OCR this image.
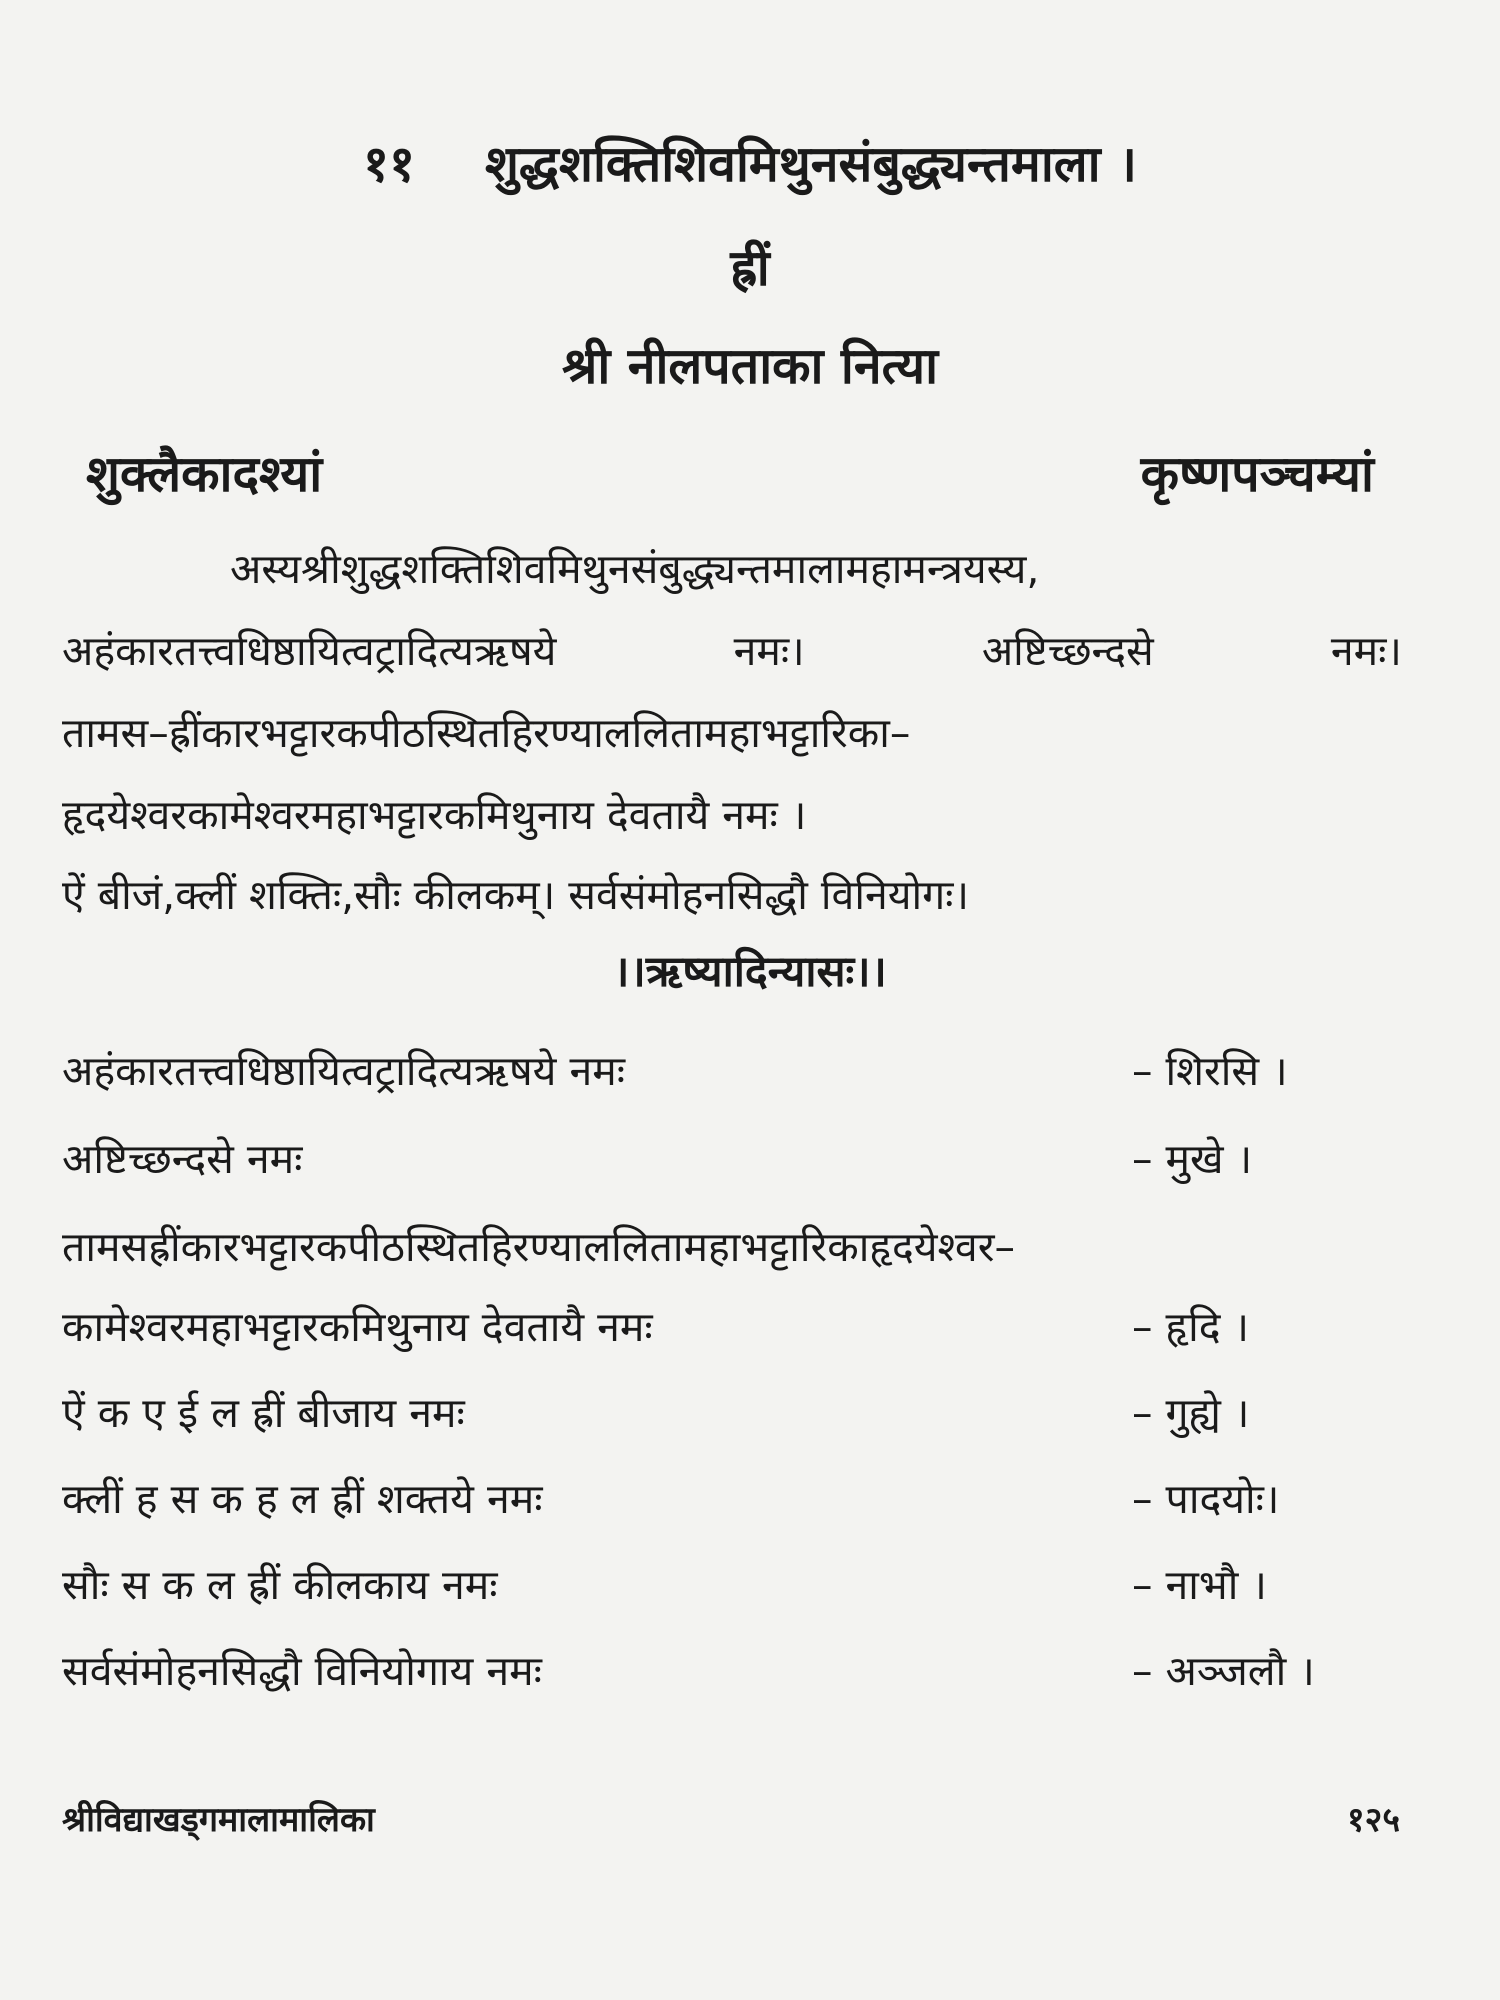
११ शुद्धशक्तिशिवमिथुनसंबुद्ध्यन्तमाला ।
ह्रीं
श्री नीलपताका नित्या
शुक्लैकादश्यां	कृष्णपञ्चम्यां
अस्यश्रीशुद्धशक्तिशिवमिथुनसंबुद्ध्यन्तमालामहामन्त्रयस्य,
अहंकारतत्त्वधिष्ठायित्वट्रादित्यऋषये	नमः।	अष्टिच्छन्दसे	नमः।
तामस–ह्रींकारभट्टारकपीठस्थितहिरण्याललितामहाभट्टारिका–
हृदयेश्वरकामेश्वरमहाभट्टारकमिथुनाय देवतायै नमः ।
ऐं बीजं,क्लीं शक्तिः,सौः कीलकम्। सर्वसंमोहनसिद्धौ विनियोगः।
।।ऋष्यादिन्यासः।।
अहंकारतत्त्वधिष्ठायित्वट्रादित्यऋषये नमः	– शिरसि ।
अष्टिच्छन्दसे नमः	– मुखे ।
तामसह्रींकारभट्टारकपीठस्थितहिरण्याललितामहाभट्टारिकाहृदयेश्वर–
कामेश्वरमहाभट्टारकमिथुनाय देवतायै नमः	– हृदि ।
ऐं क ए ई ल ह्रीं बीजाय नमः	– गुह्ये ।
क्लीं ह स क ह ल ह्रीं शक्तये नमः	– पादयोः।
सौः स क ल ह्रीं कीलकाय नमः	– नाभौ ।
सर्वसंमोहनसिद्धौ विनियोगाय नमः	– अञ्जलौ ।
श्रीविद्याखड्गमालामालिका	१२५
